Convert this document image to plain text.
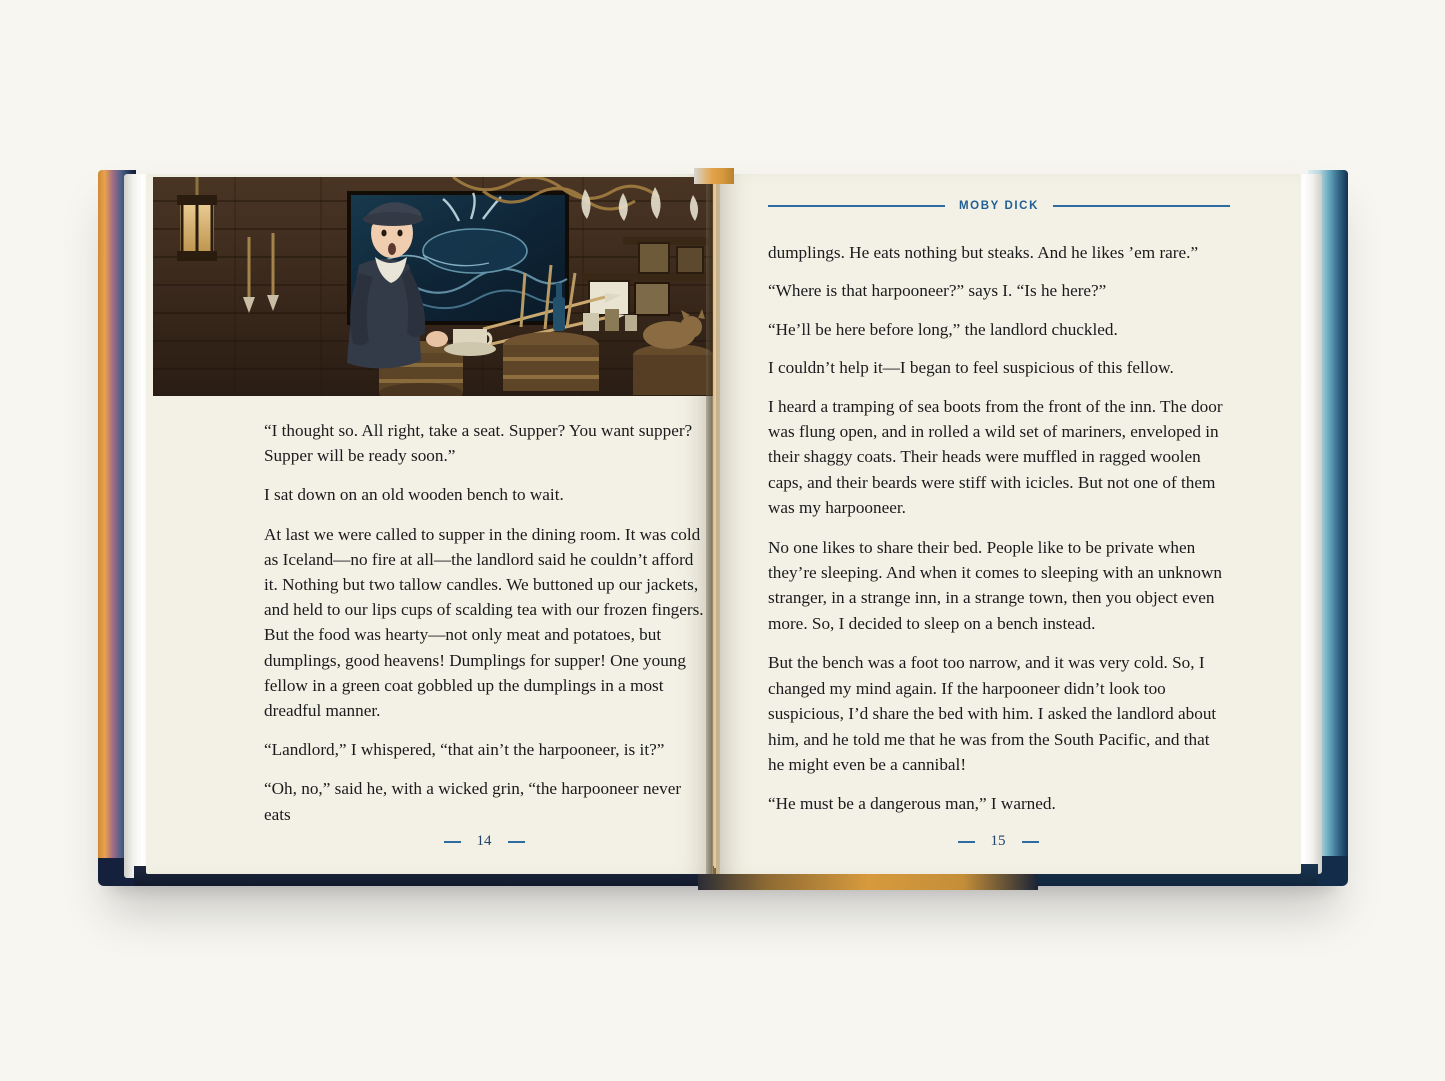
“I thought so. All right, take a seat. Supper? You want supper? Supper will be ready soon.”

I sat down on an old wooden bench to wait.

At last we were called to supper in the dining room. It was cold as Iceland—no fire at all—the landlord said he couldn’t afford it. Nothing but two tallow candles. We buttoned up our jackets, and held to our lips cups of scalding tea with our frozen fingers. But the food was hearty—not only meat and potatoes, but dumplings, good heavens! Dumplings for supper! One young fellow in a green coat gobbled up the dumplings in a most dreadful manner.

“Landlord,” I whispered, “that ain’t the harpooneer, is it?”

“Oh, no,” said he, with a wicked grin, “the harpooneer never eats

14
MOBY DICK

dumplings. He eats nothing but steaks. And he likes ’em rare.”

“Where is that harpooneer?” says I. “Is he here?”

“He’ll be here before long,” the landlord chuckled.

I couldn’t help it—I began to feel suspicious of this fellow.

I heard a tramping of sea boots from the front of the inn. The door was flung open, and in rolled a wild set of mariners, enveloped in their shaggy coats. Their heads were muffled in ragged woolen caps, and their beards were stiff with icicles. But not one of them was my harpooneer.

No one likes to share their bed. People like to be private when they’re sleeping. And when it comes to sleeping with an unknown stranger, in a strange inn, in a strange town, then you object even more. So, I decided to sleep on a bench instead.

But the bench was a foot too narrow, and it was very cold. So, I changed my mind again. If the harpooneer didn’t look too suspicious, I’d share the bed with him. I asked the landlord about him, and he told me that he was from the South Pacific, and that he might even be a cannibal!

“He must be a dangerous man,” I warned.

15
